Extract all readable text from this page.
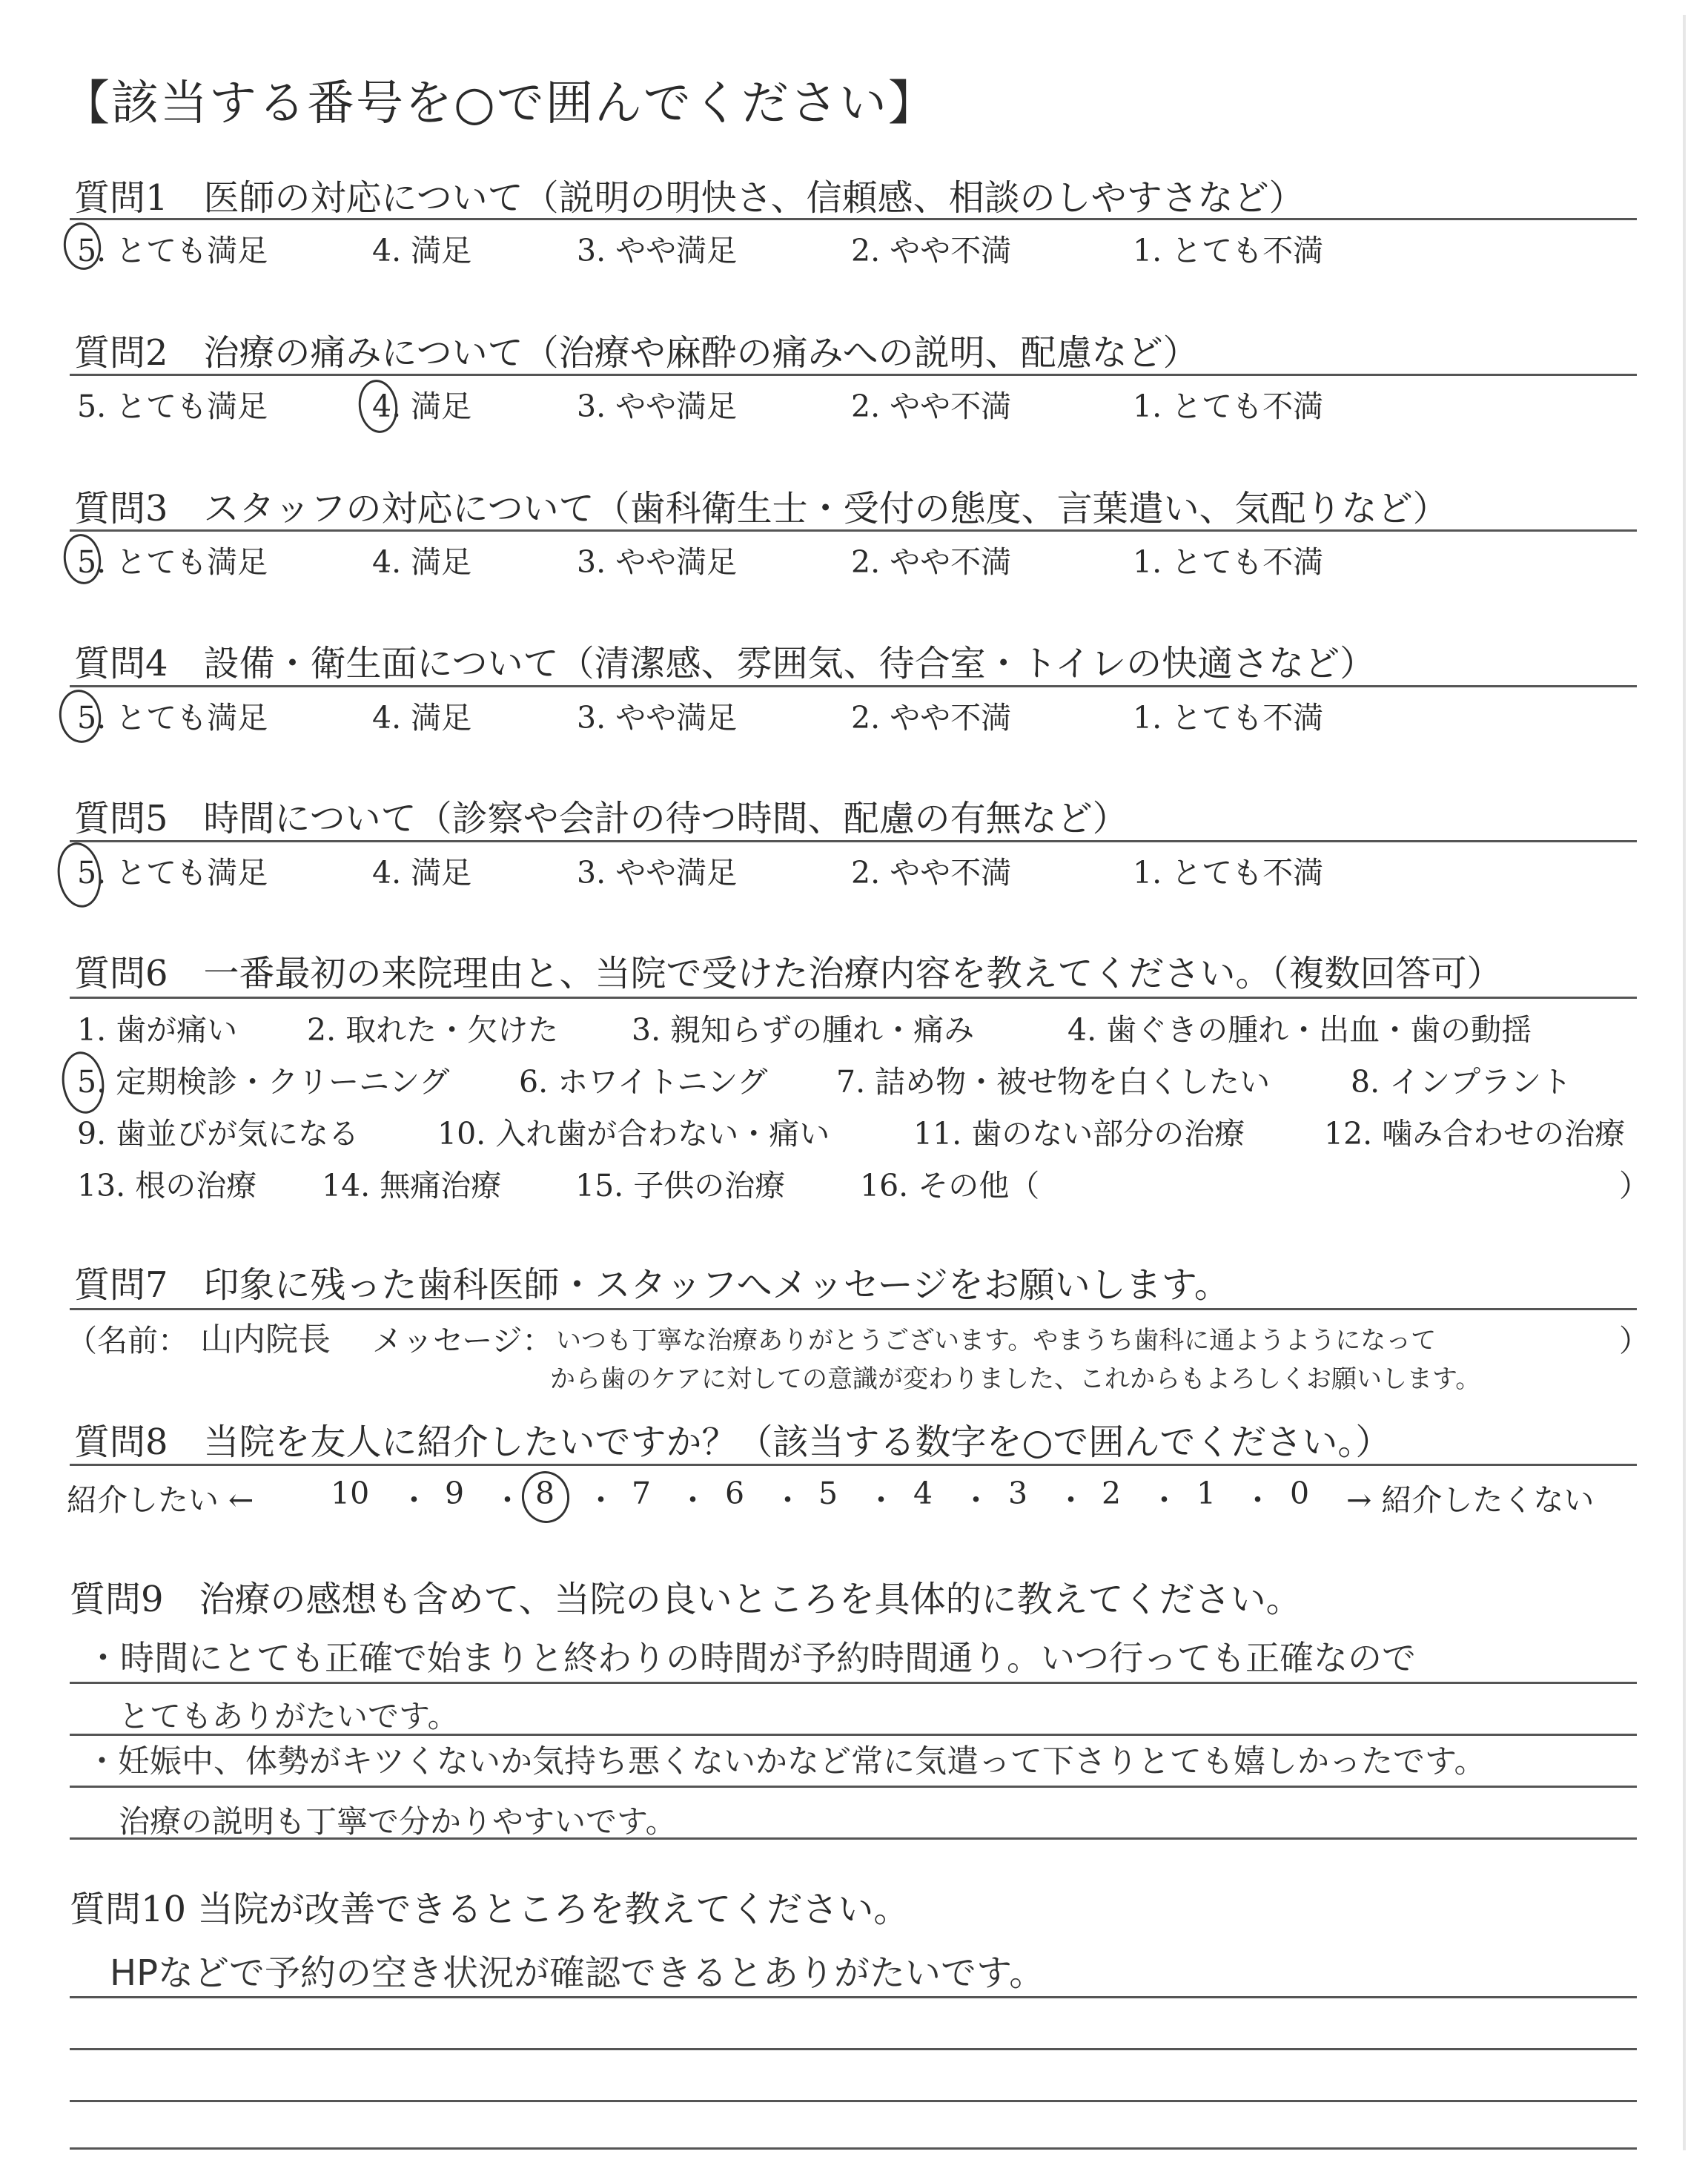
【該当する番号を○で囲んでください】
質問1　医師の対応について（説明の明快さ、信頼感、相談のしやすさなど）
5. とても満足	4. 満足	3. やや満足	2. やや不満	1. とても不満
質問2　治療の痛みについて（治療や麻酔の痛みへの説明、配慮など）
5. とても満足	4. 満足	3. やや満足	2. やや不満	1. とても不満
質問3　スタッフの対応について（歯科衛生士・受付の態度、言葉遣い、気配りなど）
5. とても満足	4. 満足	3. やや満足	2. やや不満	1. とても不満
質問4　設備・衛生面について（清潔感、雰囲気、待合室・トイレの快適さなど）
5. とても満足	4. 満足	3. やや満足	2. やや不満	1. とても不満
質問5　時間について（診察や会計の待つ時間、配慮の有無など）
5. とても満足	4. 満足	3. やや満足	2. やや不満	1. とても不満
質問6　一番最初の来院理由と、当院で受けた治療内容を教えてください。（複数回答可）
1. 歯が痛い 2. 取れた・欠けた 3. 親知らずの腫れ・痛み	4. 歯ぐきの腫れ・出血・歯の動揺
5. 定期検診・クリーニング 6. ホワイトニング 7. 詰め物・被せ物を白くしたい	8. インプラント
9. 歯並びが気になる	10. 入れ歯が合わない・痛い	11. 歯のない部分の治療	12. 噛み合わせの治療
13. 根の治療 14. 無痛治療 15. 子供の治療 16. その他（	）
質問7　印象に残った歯科医師・スタッフへメッセージをお願いします。
（名前： 山内院長 メッセージ： いつも丁寧な治療ありがとうございます。やまうち歯科に通ようようになって	）
から歯のケアに対しての意識が変わりました、これからもよろしくお願いします。
質問8　当院を友人に紹介したいですか？（該当する数字を○で囲んでください。）
紹介したい ←	10 ・ 9 ・ 8 ・ 7 ・ 6 ・ 5 ・ 4 ・ 3 ・ 2 ・ 1 ・ 0 → 紹介したくない
質問9　治療の感想も含めて、当院の良いところを具体的に教えてください。
・時間にとても正確で始まりと終わりの時間が予約時間通り。いつ行っても正確なので
とてもありがたいです。
・妊娠中、体勢がキツくないか気持ち悪くないかなど常に気遣って下さりとても嬉しかったです。
治療の説明も丁寧で分かりやすいです。
質問10 当院が改善できるところを教えてください。
HPなどで予約の空き状況が確認できるとありがたいです。
